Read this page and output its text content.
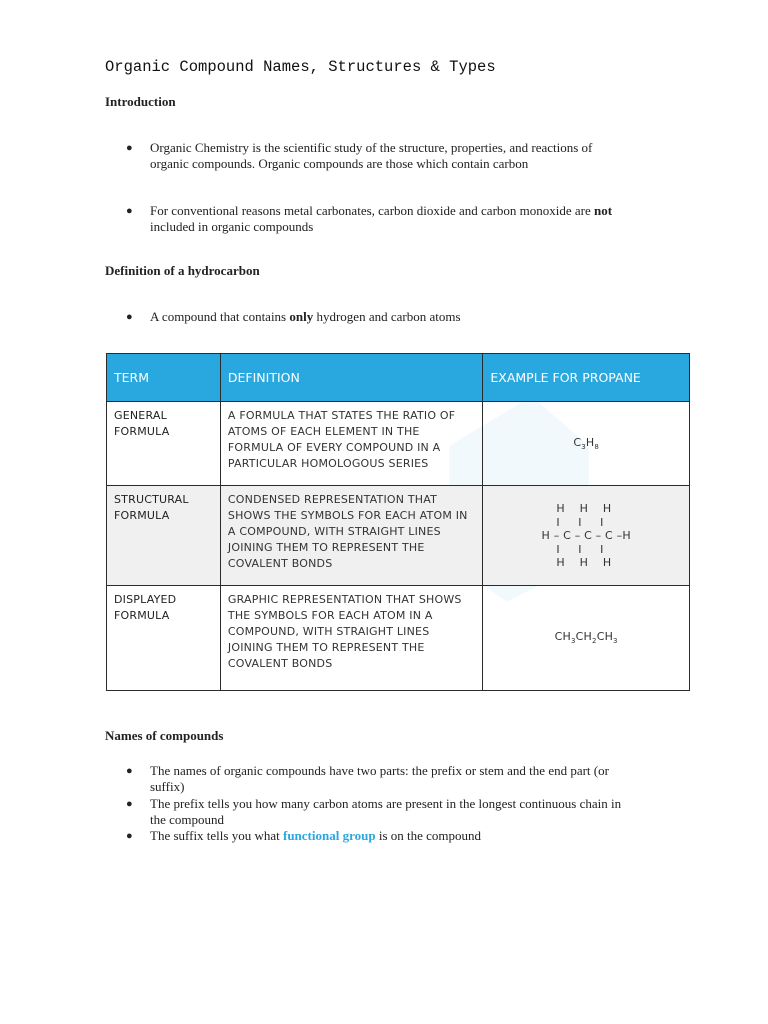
Organic Compound Names, Structures & Types
Introduction
● Organic Chemistry is the scientific study of the structure, properties, and reactions of organic compounds. Organic compounds are those which contain carbon
● For conventional reasons metal carbonates, carbon dioxide and carbon monoxide are not included in organic compounds
Definition of a hydrocarbon
● A compound that contains only hydrogen and carbon atoms
TERM	DEFINITION	EXAMPLE FOR PROPANE
GENERAL FORMULA	A FORMULA THAT STATES THE RATIO OF ATOMS OF EACH ELEMENT IN THE FORMULA OF EVERY COMPOUND IN A PARTICULAR HOMOLOGOUS SERIES	$C_3H_8$
STRUCTURAL FORMULA	CONDENSED REPRESENTATION THAT SHOWS THE SYMBOLS FOR EACH ATOM IN A COMPOUND, WITH STRAIGHT LINES JOINING THEM TO REPRESENT THE COVALENT BONDS	H    H    H
I     I     I
H – C – C – C –H
I     I     I
H    H    H
DISPLAYED FORMULA	GRAPHIC REPRESENTATION THAT SHOWS THE SYMBOLS FOR EACH ATOM IN A COMPOUND, WITH STRAIGHT LINES JOINING THEM TO REPRESENT THE COVALENT BONDS	$CH_3CH_2CH_3$
Names of compounds
● The names of organic compounds have two parts: the prefix or stem and the end part (or suffix)
● The prefix tells you how many carbon atoms are present in the longest continuous chain in the compound
● The suffix tells you what functional group is on the compound
